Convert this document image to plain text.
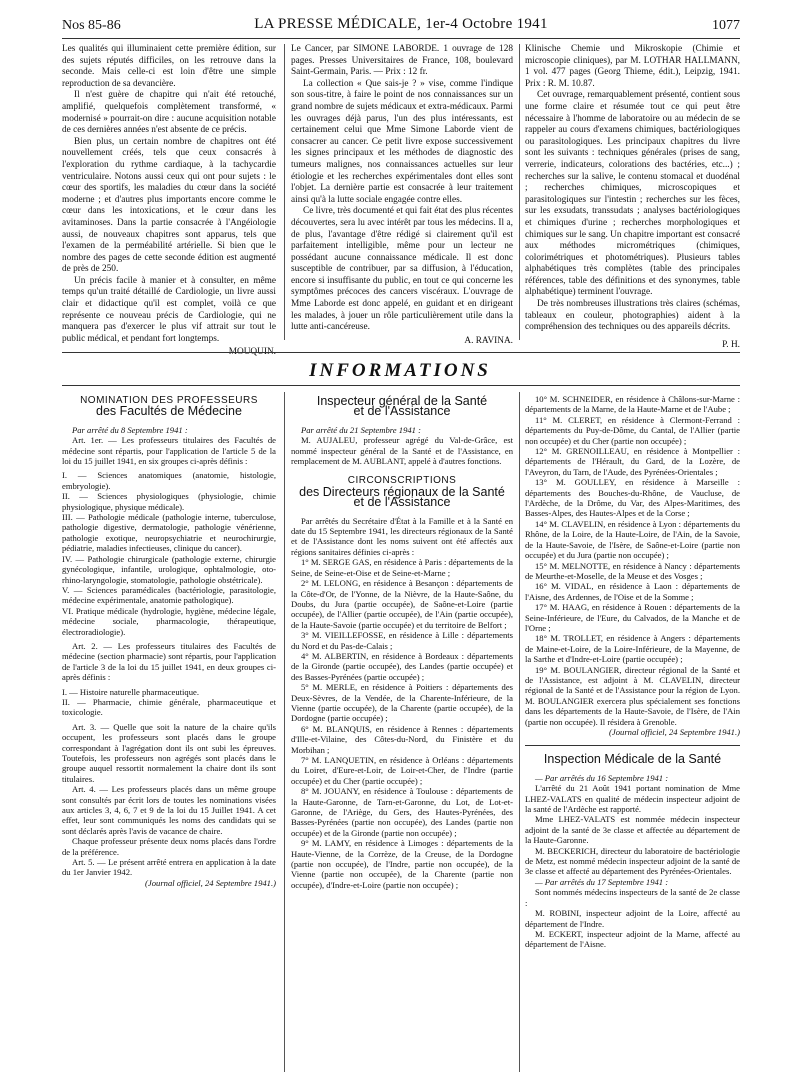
Nos 85-86	LA PRESSE MÉDICALE, 1er-4 Octobre 1941	1077

Les qualités qui illuminaient cette première édition, sur des sujets réputés difficiles, on les retrouve dans la seconde. Mais celle-ci est loin d'être une simple reproduction de sa devancière.

Il n'est guère de chapitre qui n'ait été retouché, amplifié, quelquefois complètement transformé, « modernisé » pourrait-on dire : aucune acquisition notable de ces dernières années n'est absente de ce précis.

Bien plus, un certain nombre de chapitres ont été nouvellement créés, tels que ceux consacrés à l'exploration du rythme cardiaque, à la tachycardie ventriculaire. Notons aussi ceux qui ont pour sujets : le cœur des sportifs, les maladies du cœur dans la société moderne ; et d'autres plus importants encore comme le cœur dans les intoxications, et le cœur dans les avitaminoses. Dans la partie consacrée à l'Angéiologie aussi, de nouveaux chapitres sont apparus, tels que l'examen de la perméabilité artérielle. Si bien que le nombre des pages de cette seconde édition est augmenté de près de 250.

Un précis facile à manier et à consulter, en même temps qu'un traité détaillé de Cardiologie, un livre aussi clair et didactique qu'il est complet, voilà ce que représente ce nouveau précis de Cardiologie, qui ne manquera pas d'exercer le plus vif attrait sur tout le public médical, et pendant fort longtemps.

Le Cancer, par SIMONE LABORDE. 1 ouvrage de 128 pages. Presses Universitaires de France, 108, boulevard Saint-Germain, Paris. — Prix : 12 fr.

La collection « Que sais-je ? » vise, comme l'indique son sous-titre, à faire le point de nos connaissances sur un grand nombre de sujets médicaux et extra-médicaux. Parmi les ouvrages déjà parus, l'un des plus intéressants, est certainement celui que Mme Simone Laborde vient de consacrer au cancer. Ce petit livre expose successivement les signes principaux et les méthodes de diagnostic des tumeurs malignes, nos connaissances actuelles sur leur étiologie et les recherches expérimentales dont elles sont l'objet. La dernière partie est consacrée à leur traitement ainsi qu'à la lutte sociale engagée contre elles.

Ce livre, très documenté et qui fait état des plus récentes découvertes, sera lu avec intérêt par tous les médecins. Il a, de plus, l'avantage d'être rédigé si clairement qu'il est parfaitement intelligible, même pour un lecteur ne possédant aucune connaissance médicale. Il est donc susceptible de contribuer, par sa diffusion, à l'éducation, encore si insuffisante du public, en tout ce qui concerne les symptômes précoces des cancers viscéraux. L'ouvrage de Mme Laborde est donc appelé, en guidant et en dirigeant les malades, à jouer un rôle particulièrement utile dans la lutte anti-cancéreuse.

A. RAVINA.

Klinische Chemie und Mikroskopie (Chimie et microscopie cliniques), par M. LOTHAR HALLMANN, 1 vol. 477 pages (Georg Thieme, édit.), Leipzig, 1941. Prix : R. M. 10.87.

Cet ouvrage, remarquablement présenté, contient sous une forme claire et résumée tout ce qui peut être nécessaire à l'homme de laboratoire ou au médecin de se rappeler au cours d'examens chimiques, bactériologiques ou parasitologiques. Les principaux chapitres du livre sont les suivants : techniques générales (prises de sang, verrerie, indicateurs, colorations des bactéries, etc...) ; recherches sur la salive, le contenu stomacal et duodénal ; recherches chimiques, microscopiques et parasitologiques sur l'intestin ; recherches sur les fèces, sur les exsudats, transsudats ; analyses bactériologiques et chimiques d'urine ; recherches morphologiques et chimiques sur le sang. Un chapitre important est consacré aux méthodes micrométriques (chimiques, colorimétriques et photométriques). Plusieurs tables alphabétiques très complètes (table des principales références, table des définitions et des synonymes, table alphabétique) terminent l'ouvrage.

De très nombreuses illustrations très claires (schémas, tableaux en couleur, photographies) aident à la compréhension des techniques ou des appareils décrits.

P. H.
INFORMATIONS
NOMINATION DES PROFESSEURS
des Facultés de Médecine

Par arrêté du 8 Septembre 1941 :

Art. 1er. — Les professeurs titulaires des Facultés de médecine sont répartis, pour l'application de l'article 5 de la loi du 15 juillet 1941, en six groupes ci-après définis :

I. — Sciences anatomiques (anatomie, histologie, embryologie).
II. — Sciences physiologiques (physiologie, chimie physiologique, physique médicale).
III. — Pathologie médicale (pathologie interne, tuberculose, pathologie digestive, dermatologie, pathologie vénérienne, pathologie exotique, neuropsychiatrie et neurochirurgie, pédiatrie, maladies infectieuses, clinique du cancer).
IV. — Pathologie chirurgicale (pathologie externe, chirurgie gynécologique, infantile, urologique, ophtalmologie, oto-rhino-laryngologie, stomatologie, pathologie obstétricale).
V. — Sciences paramédicales (bactériologie, parasitologie, médecine expérimentale, anatomie pathologique).
VI. Pratique médicale (hydrologie, hygiène, médecine légale, médecine sociale, pharmacologie, thérapeutique, électroradiologie).

Art. 2. — Les professeurs titulaires des Facultés de médecine (section pharmacie) sont répartis, pour l'application de l'article 3 de la loi du 15 juillet 1941, en deux groupes ci-après définis :

I. — Histoire naturelle pharmaceutique.
II. — Pharmacie, chimie générale, pharmaceutique et toxicologie.

Art. 3. — Quelle que soit la nature de la chaire qu'ils occupent, les professeurs sont placés dans le groupe correspondant à l'agrégation dont ils ont subi les épreuves. Toutefois, les professeurs non agrégés sont placés dans le groupe auquel ressortit normalement la chaire dont ils sont titulaires.

Art. 4. — Les professeurs placés dans un même groupe sont consultés par écrit lors de toutes les nominations visées aux articles 3, 4, 6, 7 et 9 de la loi du 15 Juillet 1941. A cet effet, leur sont communiqués les noms des candidats qui se sont déclarés après l'avis de vacance de chaire.

Chaque professeur présente deux noms placés dans l'ordre de la préférence.

Art. 5. — Le présent arrêté entrera en application à la date du 1er Janvier 1942.

(Journal officiel, 24 Septembre 1941.)
Inspecteur général de la Santé
et de l'Assistance

Par arrêté du 21 Septembre 1941 :

M. AUJALEU, professeur agrégé du Val-de-Grâce, est nommé inspecteur général de la Santé et de l'Assistance, en remplacement de M. AUBLANT, appelé à d'autres fonctions.

CIRCONSCRIPTIONS
des Directeurs régionaux de la Santé
et de l'Assistance

Par arrêtés du Secrétaire d'État à la Famille et à la Santé en date du 15 Septembre 1941, les directeurs régionaux de la Santé et de l'Assistance dont les noms suivent ont été affectés aux régions sanitaires définies ci-après :

1° M. SERGE GAS, en résidence à Paris : départements de la Seine, de Seine-et-Oise et de Seine-et-Marne ;

2° M. LELONG, en résidence à Besançon : départements de la Côte-d'Or, de l'Yonne, de la Nièvre, de la Haute-Saône, du Doubs, du Jura (partie occupée), de Saône-et-Loire (partie occupée), de l'Allier (partie occupée), de l'Ain (partie occupée), de la Haute-Savoie (partie occupée) et du territoire de Belfort ;

3° M. VIEILLEFOSSE, en résidence à Lille : départements du Nord et du Pas-de-Calais ;

4° M. ALBERTIN, en résidence à Bordeaux : départements de la Gironde (partie occupée), des Landes (partie occupée) et des Basses-Pyrénées (partie occupée) ;

5° M. MERLE, en résidence à Poitiers : départements des Deux-Sèvres, de la Vendée, de la Charente-Inférieure, de la Vienne (partie occupée), de la Charente (partie occupée), de la Dordogne (partie occupée) ;

6° M. BLANQUIS, en résidence à Rennes : départements d'Ille-et-Vilaine, des Côtes-du-Nord, du Finistère et du Morbihan ;

7° M. LANQUETIN, en résidence à Orléans : départements du Loiret, d'Eure-et-Loir, de Loir-et-Cher, de l'Indre (partie occupée) et du Cher (partie occupée) ;

8° M. JOUANY, en résidence à Toulouse : départements de la Haute-Garonne, de Tarn-et-Garonne, du Lot, de Lot-et-Garonne, de l'Ariège, du Gers, des Hautes-Pyrénées, des Basses-Pyrénées (partie non occupée), des Landes (partie non occupée) et de la Gironde (partie non occupée) ;

9° M. LAMY, en résidence à Limoges : départements de la Haute-Vienne, de la Corrèze, de la Creuse, de la Dordogne (partie non occupée), de l'Indre, partie non occupée), de la Vienne (partie non occupée), de la Charente (partie non occupée), d'Indre-et-Loire (partie non occupée) ;

10° M. SCHNEIDER, en résidence à Châlons-sur-Marne : départements de la Marne, de la Haute-Marne et de l'Aube ;

11° M. CLERET, en résidence à Clermont-Ferrand : départements du Puy-de-Dôme, du Cantal, de l'Allier (partie non occupée) et du Cher (partie non occupée) ;

12° M. GRENOILLEAU, en résidence à Montpellier : départements de l'Hérault, du Gard, de la Lozère, de l'Aveyron, du Tarn, de l'Aude, des Pyrénées-Orientales ;

13° M. GOULLEY, en résidence à Marseille : départements des Bouches-du-Rhône, de Vaucluse, de l'Ardèche, de la Drôme, du Var, des Alpes-Maritimes, des Basses-Alpes, des Hautes-Alpes et de la Corse ;

14° M. CLAVELIN, en résidence à Lyon : départements du Rhône, de la Loire, de la Haute-Loire, de l'Ain, de la Savoie, de la Haute-Savoie, de l'Isère, de Saône-et-Loire (partie non occupée) et du Jura (partie non occupée) ;

15° M. MELNOTTE, en résidence à Nancy : départements de Meurthe-et-Moselle, de la Meuse et des Vosges ;

16° M. VIDAL, en résidence à Laon : départements de l'Aisne, des Ardennes, de l'Oise et de la Somme ;

17° M. HAAG, en résidence à Rouen : départements de la Seine-Inférieure, de l'Eure, du Calvados, de la Manche et de l'Orne ;

18° M. TROLLET, en résidence à Angers : départements de Maine-et-Loire, de la Loire-Inférieure, de la Mayenne, de la Sarthe et d'Indre-et-Loire (partie occupée) ;

19° M. BOULANGIER, directeur régional de la Santé et de l'Assistance, est adjoint à M. CLAVELIN, directeur régional de la Santé et de l'Assistance pour la région de Lyon. M. BOULANGIER exercera plus spécialement ses fonctions dans les départements de la Haute-Savoie, de l'Isère, de l'Ain (partie non occupée). Il résidera à Grenoble.

(Journal officiel, 24 Septembre 1941.)
Inspection Médicale de la Santé

— Par arrêtés du 16 Septembre 1941 :

L'arrêté du 21 Août 1941 portant nomination de Mme LHEZ-VALATS en qualité de médecin inspecteur adjoint de la santé de l'Ardèche est rapporté.

Mme LHEZ-VALATS est nommée médecin inspecteur adjoint de la santé de 3e classe et affectée au département de la Haute-Garonne.

M. BECKERICH, directeur du laboratoire de bactériologie de Metz, est nommé médecin inspecteur adjoint de la santé de 3e classe et affecté au département des Pyrénées-Orientales.

— Par arrêtés du 17 Septembre 1941 :

Sont nommés médecins inspecteurs de la santé de 2e classe :

M. ROBINI, inspecteur adjoint de la Loire, affecté au département de l'Indre.

M. ECKERT, inspecteur adjoint de la Marne, affecté au département de l'Aisne.
